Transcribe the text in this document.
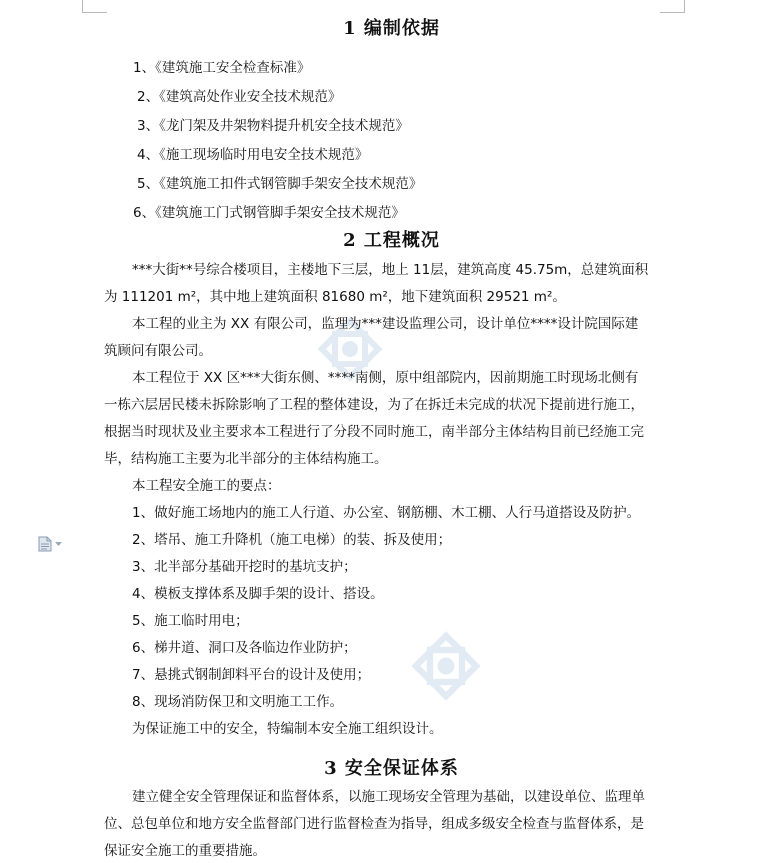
1 编制依据
1、《建筑施工安全检查标准》
2、《建筑高处作业安全技术规范》
3、《龙门架及井架物料提升机安全技术规范》
4、《施工现场临时用电安全技术规范》
5、《建筑施工扣件式钢管脚手架安全技术规范》
6、《建筑施工门式钢管脚手架安全技术规范》
2 工程概况
***大街**号综合楼项目，主楼地下三层，地上 11层，建筑高度 45.75m，总建筑面积
为 111201 m²，其中地上建筑面积 81680 m²，地下建筑面积 29521 m²。
本工程的业主为 XX 有限公司，监理为***建设监理公司，设计单位****设计院国际建
筑顾问有限公司。
本工程位于 XX 区***大街东侧、****南侧，原中组部院内，因前期施工时现场北侧有
一栋六层居民楼未拆除影响了工程的整体建设，为了在拆迁未完成的状况下提前进行施工，
根据当时现状及业主要求本工程进行了分段不同时施工，南半部分主体结构目前已经施工完
毕，结构施工主要为北半部分的主体结构施工。
本工程安全施工的要点：
1、做好施工场地内的施工人行道、办公室、钢筋棚、木工棚、人行马道搭设及防护。
2、塔吊、施工升降机（施工电梯）的装、拆及使用；
3、北半部分基础开挖时的基坑支护；
4、模板支撑体系及脚手架的设计、搭设。
5、施工临时用电；
6、梯井道、洞口及各临边作业防护；
7、悬挑式钢制卸料平台的设计及使用；
8、现场消防保卫和文明施工工作。
为保证施工中的安全，特编制本安全施工组织设计。
3 安全保证体系
建立健全安全管理保证和监督体系，以施工现场安全管理为基础，以建设单位、监理单
位、总包单位和地方安全监督部门进行监督检查为指导，组成多级安全检查与监督体系，是
保证安全施工的重要措施。
